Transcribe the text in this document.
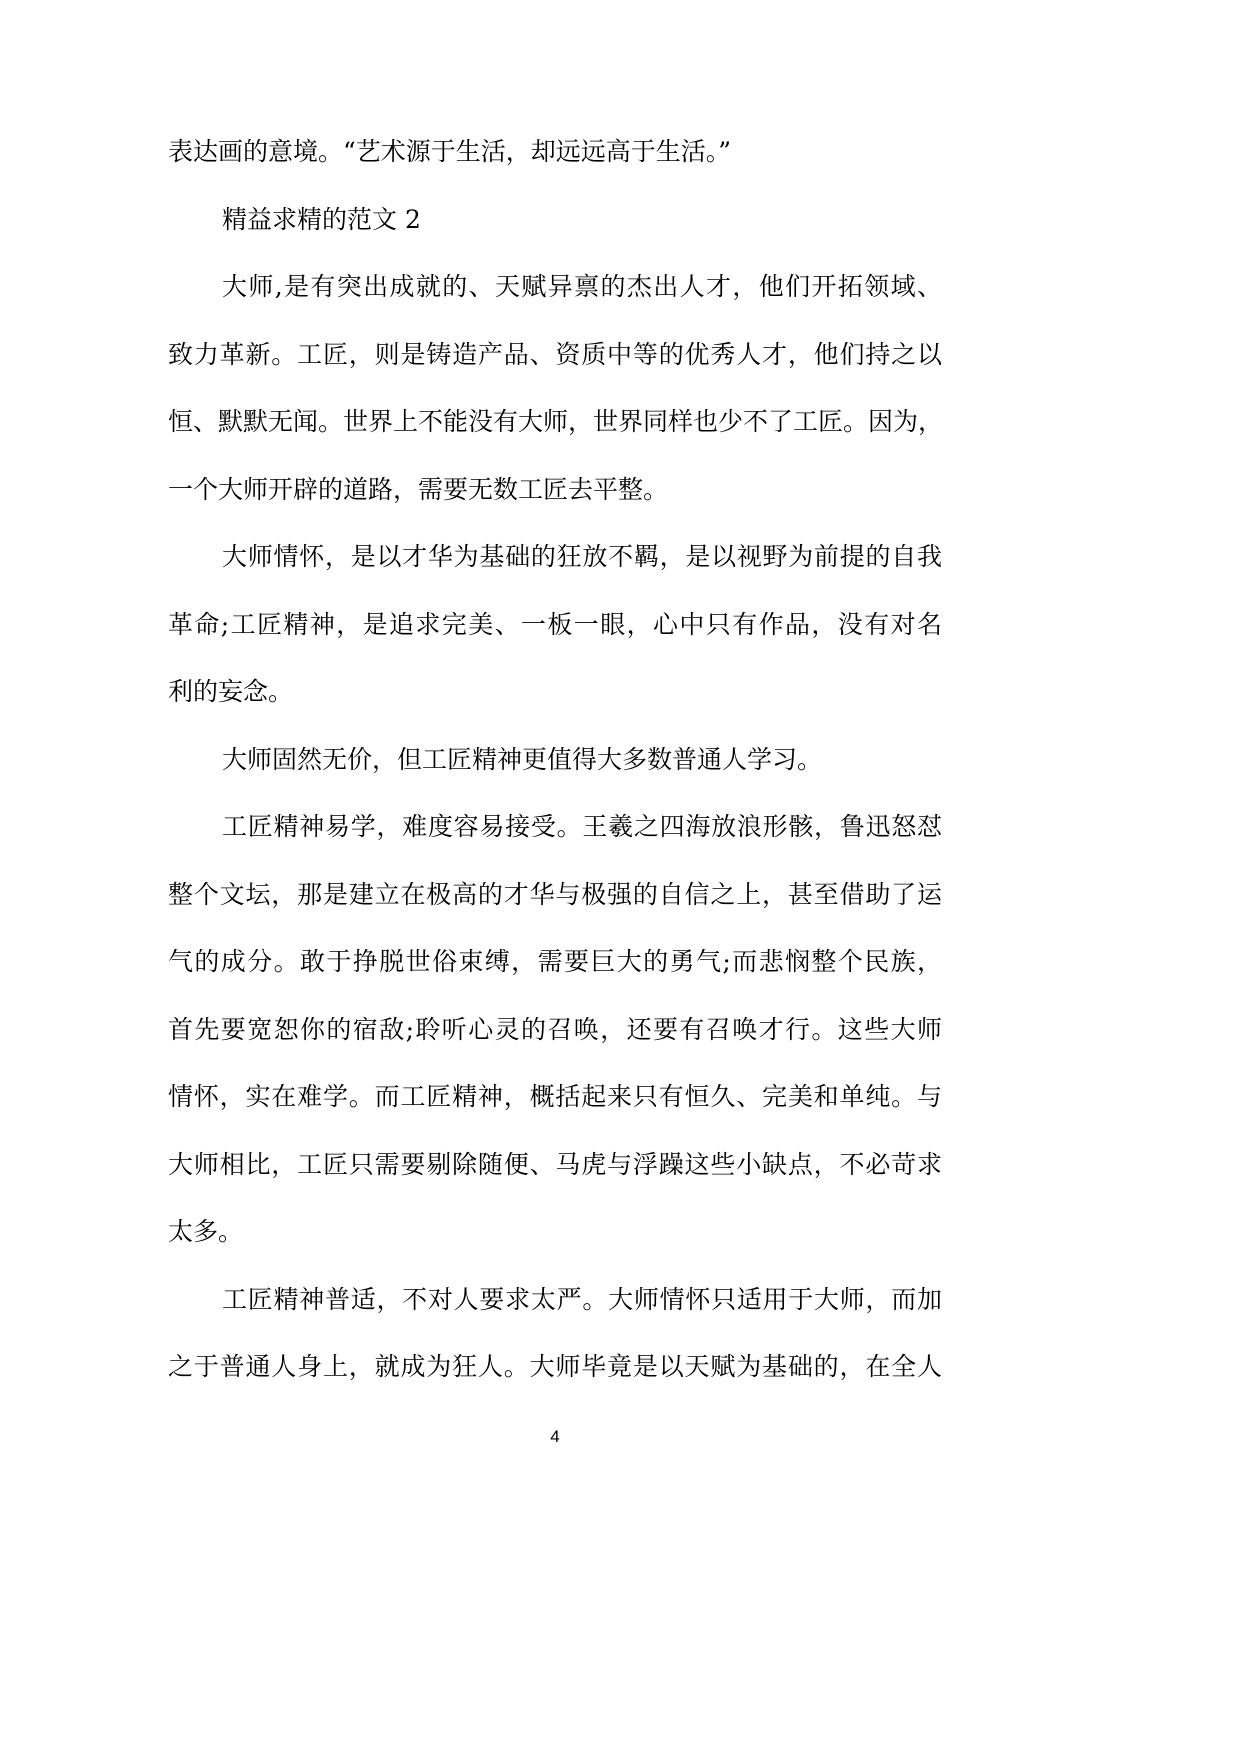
表达画的意境。“艺术源于生活，却远远高于生活。”
精益求精的范文 2
大师,是有突出成就的、天赋异禀的杰出人才，他们开拓领域、
致力革新。工匠，则是铸造产品、资质中等的优秀人才，他们持之以
恒、默默无闻。世界上不能没有大师，世界同样也少不了工匠。因为，
一个大师开辟的道路，需要无数工匠去平整。
大师情怀，是以才华为基础的狂放不羁，是以视野为前提的自我
革命;工匠精神，是追求完美、一板一眼，心中只有作品，没有对名
利的妄念。
大师固然无价，但工匠精神更值得大多数普通人学习。
工匠精神易学，难度容易接受。王羲之四海放浪形骸，鲁迅怒怼
整个文坛，那是建立在极高的才华与极强的自信之上，甚至借助了运
气的成分。敢于挣脱世俗束缚，需要巨大的勇气;而悲悯整个民族，
首先要宽恕你的宿敌;聆听心灵的召唤，还要有召唤才行。这些大师
情怀，实在难学。而工匠精神，概括起来只有恒久、完美和单纯。与
大师相比，工匠只需要剔除随便、马虎与浮躁这些小缺点，不必苛求
太多。
工匠精神普适，不对人要求太严。大师情怀只适用于大师，而加
之于普通人身上，就成为狂人。大师毕竟是以天赋为基础的，在全人
4
